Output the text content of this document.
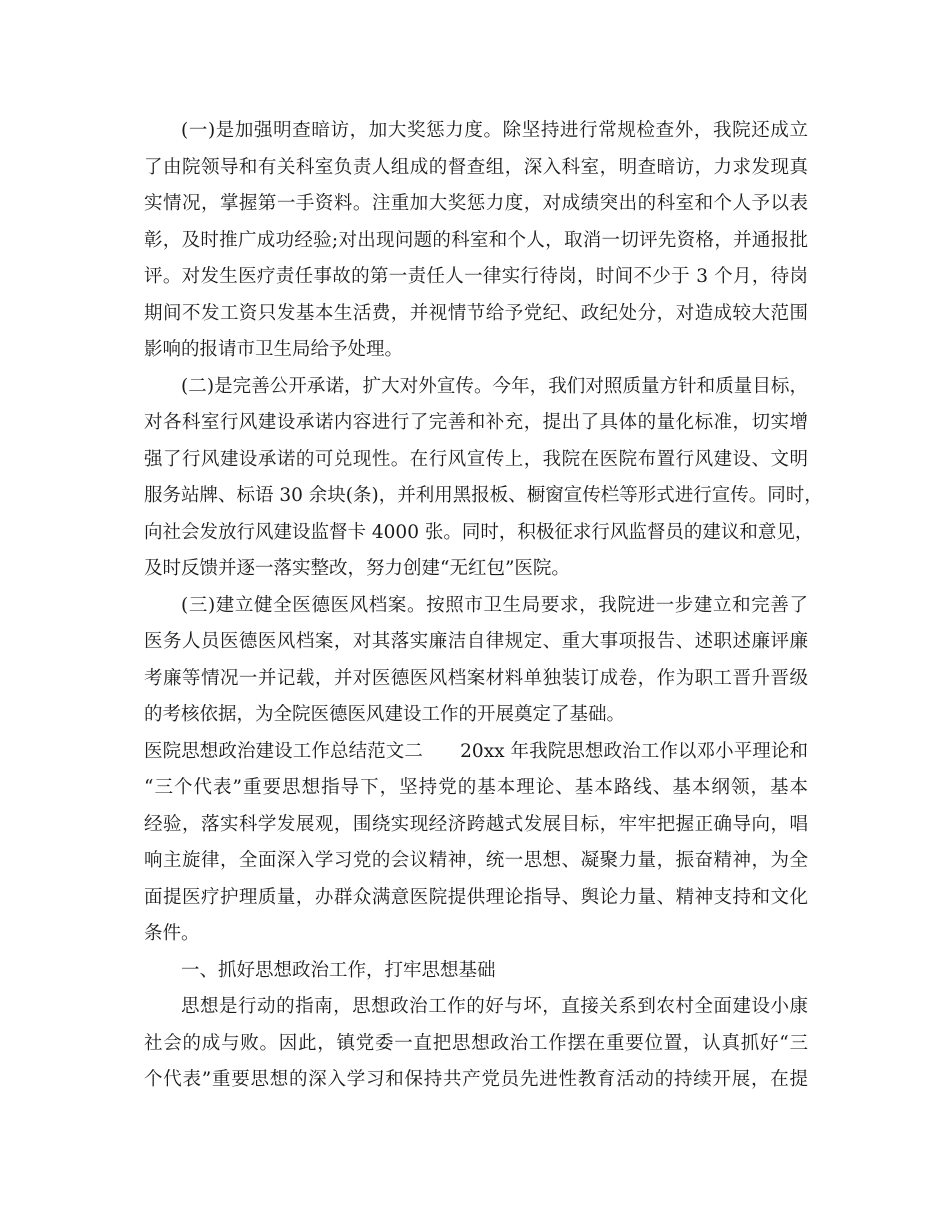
(一)是加强明查暗访，加大奖惩力度。除坚持进行常规检查外，我院还成立
了由院领导和有关科室负责人组成的督查组，深入科室，明查暗访，力求发现真
实情况，掌握第一手资料。注重加大奖惩力度，对成绩突出的科室和个人予以表
彰，及时推广成功经验;对出现问题的科室和个人，取消一切评先资格，并通报批
评。对发生医疗责任事故的第一责任人一律实行待岗，时间不少于 3 个月，待岗
期间不发工资只发基本生活费，并视情节给予党纪、政纪处分，对造成较大范围
影响的报请市卫生局给予处理。
(二)是完善公开承诺，扩大对外宣传。今年，我们对照质量方针和质量目标，
对各科室行风建设承诺内容进行了完善和补充，提出了具体的量化标准，切实增
强了行风建设承诺的可兑现性。在行风宣传上，我院在医院布置行风建设、文明
服务站牌、标语 30 余块(条)，并利用黑报板、橱窗宣传栏等形式进行宣传。同时，
向社会发放行风建设监督卡 4000 张。同时，积极征求行风监督员的建议和意见，
及时反馈并逐一落实整改，努力创建“无红包”医院。
(三)建立健全医德医风档案。按照市卫生局要求，我院进一步建立和完善了
医务人员医德医风档案，对其落实廉洁自律规定、重大事项报告、述职述廉评廉
考廉等情况一并记载，并对医德医风档案材料单独装订成卷，作为职工晋升晋级
的考核依据，为全院医德医风建设工作的开展奠定了基础。
医院思想政治建设工作总结范文二　　20xx 年我院思想政治工作以邓小平理论和
“三个代表”重要思想指导下，坚持党的基本理论、基本路线、基本纲领，基本
经验，落实科学发展观，围绕实现经济跨越式发展目标，牢牢把握正确导向，唱
响主旋律，全面深入学习党的会议精神，统一思想、凝聚力量，振奋精神，为全
面提医疗护理质量，办群众满意医院提供理论指导、舆论力量、精神支持和文化
条件。
一、抓好思想政治工作，打牢思想基础
思想是行动的指南，思想政治工作的好与坏，直接关系到农村全面建设小康
社会的成与败。因此，镇党委一直把思想政治工作摆在重要位置，认真抓好“三
个代表”重要思想的深入学习和保持共产党员先进性教育活动的持续开展，在提
